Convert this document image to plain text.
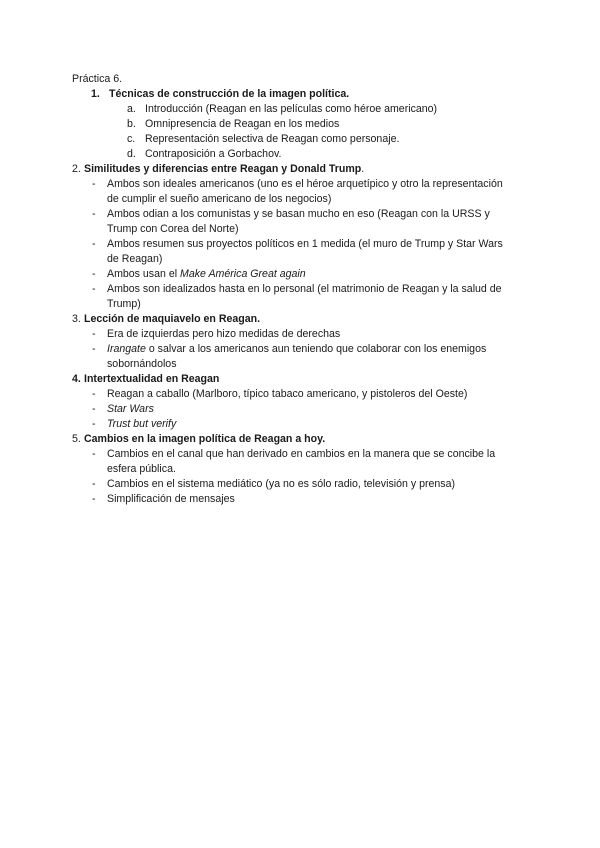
Práctica 6.
1. Técnicas de construcción de la imagen política.
a. Introducción (Reagan en las películas como héroe americano)
b. Omnipresencia de Reagan en los medios
c. Representación selectiva de Reagan como personaje.
d. Contraposición a Gorbachov.
2. Similitudes y diferencias entre Reagan y Donald Trump.
- Ambos son ideales americanos (uno es el héroe arquetípico y otro la representación
de cumplir el sueño americano de los negocios)
- Ambos odian a los comunistas y se basan mucho en eso (Reagan con la URSS y
Trump con Corea del Norte)
- Ambos resumen sus proyectos políticos en 1 medida (el muro de Trump y Star Wars
de Reagan)
- Ambos usan el Make América Great again
- Ambos son idealizados hasta en lo personal (el matrimonio de Reagan y la salud de
Trump)
3. Lección de maquiavelo en Reagan.
- Era de izquierdas pero hizo medidas de derechas
- Irangate o salvar a los americanos aun teniendo que colaborar con los enemigos
sobornándolos
4. Intertextualidad en Reagan
- Reagan a caballo (Marlboro, típico tabaco americano, y pistoleros del Oeste)
- Star Wars
- Trust but verify
5. Cambios en la imagen política de Reagan a hoy.
- Cambios en el canal que han derivado en cambios en la manera que se concibe la
esfera pública.
- Cambios en el sistema mediático (ya no es sólo radio, televisión y prensa)
- Simplificación de mensajes
